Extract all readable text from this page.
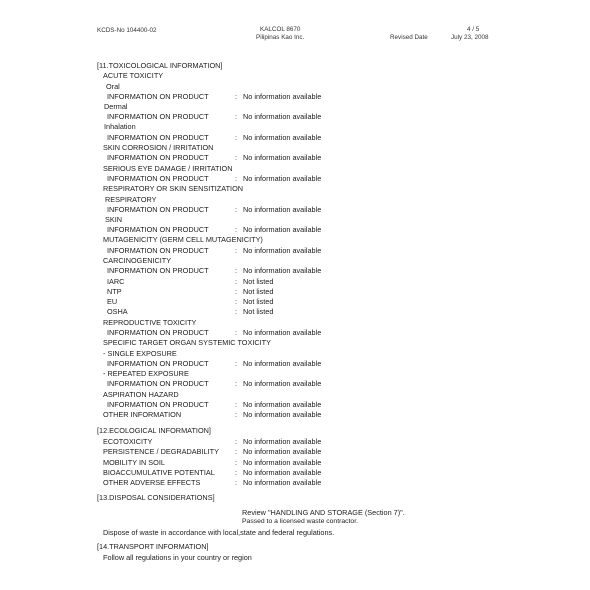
KCDS-No 104400-02	KALCOL 8670
Pilipinas Kao Inc.	Revised Date
4 / 5
July 23, 2008
[11.TOXICOLOGICAL INFORMATION]
ACUTE TOXICITY
Oral
INFORMATION ON PRODUCT	: No information available
Dermal
INFORMATION ON PRODUCT	: No information available
Inhalation
INFORMATION ON PRODUCT	: No information available
SKIN CORROSION / IRRITATION
INFORMATION ON PRODUCT	: No information available
SERIOUS EYE DAMAGE / IRRITATION
INFORMATION ON PRODUCT	: No information available
RESPIRATORY OR SKIN SENSITIZATION
RESPIRATORY
INFORMATION ON PRODUCT	: No information available
SKIN
INFORMATION ON PRODUCT	: No information available
MUTAGENICITY (GERM CELL MUTAGENICITY)
INFORMATION ON PRODUCT	: No information available
CARCINOGENICITY
INFORMATION ON PRODUCT	: No information available
IARC	: Not listed
NTP	: Not listed
EU	: Not listed
OSHA	: Not listed
REPRODUCTIVE TOXICITY
INFORMATION ON PRODUCT	: No information available
SPECIFIC TARGET ORGAN SYSTEMIC TOXICITY
- SINGLE EXPOSURE
INFORMATION ON PRODUCT	: No information available
- REPEATED EXPOSURE
INFORMATION ON PRODUCT	: No information available
ASPIRATION HAZARD
INFORMATION ON PRODUCT	: No information available
OTHER INFORMATION	: No information available
[12.ECOLOGICAL INFORMATION]
ECOTOXICITY	: No information available
PERSISTENCE / DEGRADABILITY : No information available
MOBILITY IN SOIL	: No information available
BIOACCUMULATIVE POTENTIAL	: No information available
OTHER ADVERSE EFFECTS	: No information available
[13.DISPOSAL CONSIDERATIONS]
Review "HANDLING AND STORAGE (Section 7)".
Passed to a licensed waste contractor.
Dispose of waste in accordance with local,state and federal regulations.
[14.TRANSPORT INFORMATION]
Follow all regulations in your country or region
